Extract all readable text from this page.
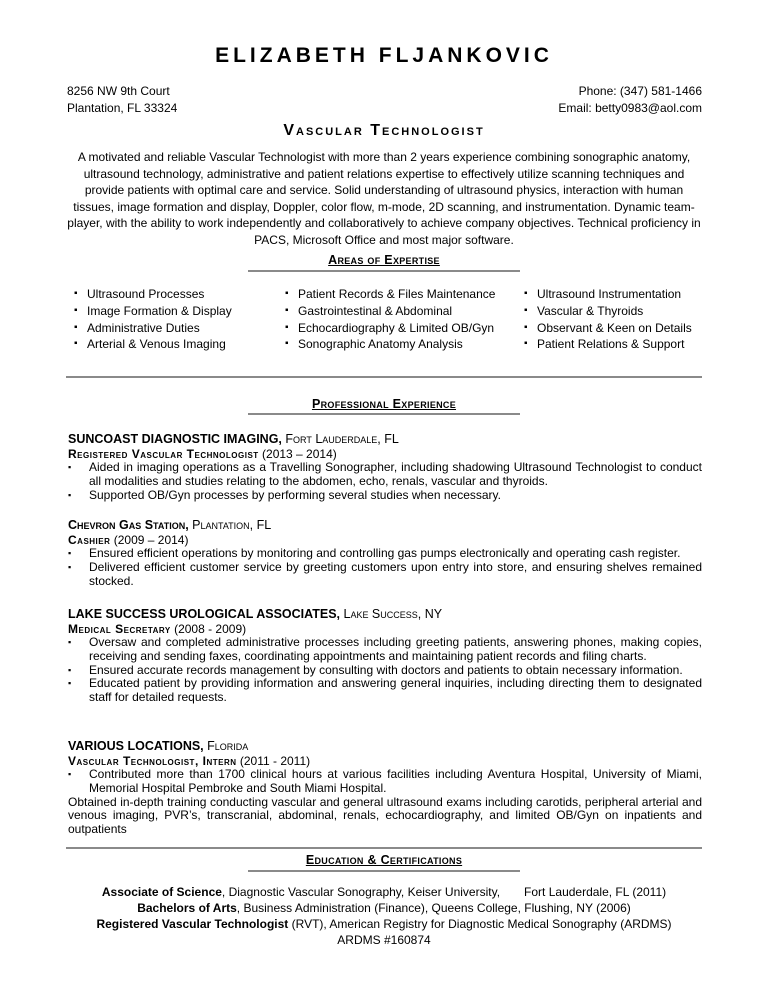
ELIZABETH FLJANKOVIC
8256 NW 9th Court
Plantation, FL 33324
Phone: (347) 581-1466
Email: betty0983@aol.com
Vascular Technologist
A motivated and reliable Vascular Technologist with more than 2 years experience combining sonographic anatomy, ultrasound technology, administrative and patient relations expertise to effectively utilize scanning techniques and provide patients with optimal care and service. Solid understanding of ultrasound physics, interaction with human tissues, image formation and display, Doppler, color flow, m-mode, 2D scanning, and instrumentation. Dynamic team-player, with the ability to work independently and collaboratively to achieve company objectives. Technical proficiency in PACS, Microsoft Office and most major software.
Areas of Expertise
▪ Ultrasound Processes
▪ Image Formation & Display
▪ Administrative Duties
▪ Arterial & Venous Imaging
▪ Patient Records & Files Maintenance
▪ Gastrointestinal & Abdominal
▪ Echocardiography & Limited OB/Gyn
▪ Sonographic Anatomy Analysis
▪ Ultrasound Instrumentation
▪ Vascular & Thyroids
▪ Observant & Keen on Details
▪ Patient Relations & Support
Professional Experience
SUNCOAST DIAGNOSTIC IMAGING, Fort Lauderdale, FL
Registered Vascular Technologist (2013 – 2014)
▪ Aided in imaging operations as a Travelling Sonographer, including shadowing Ultrasound Technologist to conduct all modalities and studies relating to the abdomen, echo, renals, vascular and thyroids.
▪ Supported OB/Gyn processes by performing several studies when necessary.
Chevron Gas Station, Plantation, FL
Cashier (2009 – 2014)
▪ Ensured efficient operations by monitoring and controlling gas pumps electronically and operating cash register.
▪ Delivered efficient customer service by greeting customers upon entry into store, and ensuring shelves remained stocked.
LAKE SUCCESS UROLOGICAL ASSOCIATES, Lake Success, NY
Medical Secretary (2008 - 2009)
▪ Oversaw and completed administrative processes including greeting patients, answering phones, making copies, receiving and sending faxes, coordinating appointments and maintaining patient records and filing charts.
▪ Ensured accurate records management by consulting with doctors and patients to obtain necessary information.
▪ Educated patient by providing information and answering general inquiries, including directing them to designated staff for detailed requests.
VARIOUS LOCATIONS, Florida
Vascular Technologist, Intern (2011 - 2011)
▪ Contributed more than 1700 clinical hours at various facilities including Aventura Hospital, University of Miami, Memorial Hospital Pembroke and South Miami Hospital.
Obtained in-depth training conducting vascular and general ultrasound exams including carotids, peripheral arterial and venous imaging, PVR’s, transcranial, abdominal, renals, echocardiography, and limited OB/Gyn on inpatients and outpatients
Education & Certifications
Associate of Science, Diagnostic Vascular Sonography, Keiser University, Fort Lauderdale, FL (2011)
Bachelors of Arts, Business Administration (Finance), Queens College, Flushing, NY (2006)
Registered Vascular Technologist (RVT), American Registry for Diagnostic Medical Sonography (ARDMS)
ARDMS #160874
